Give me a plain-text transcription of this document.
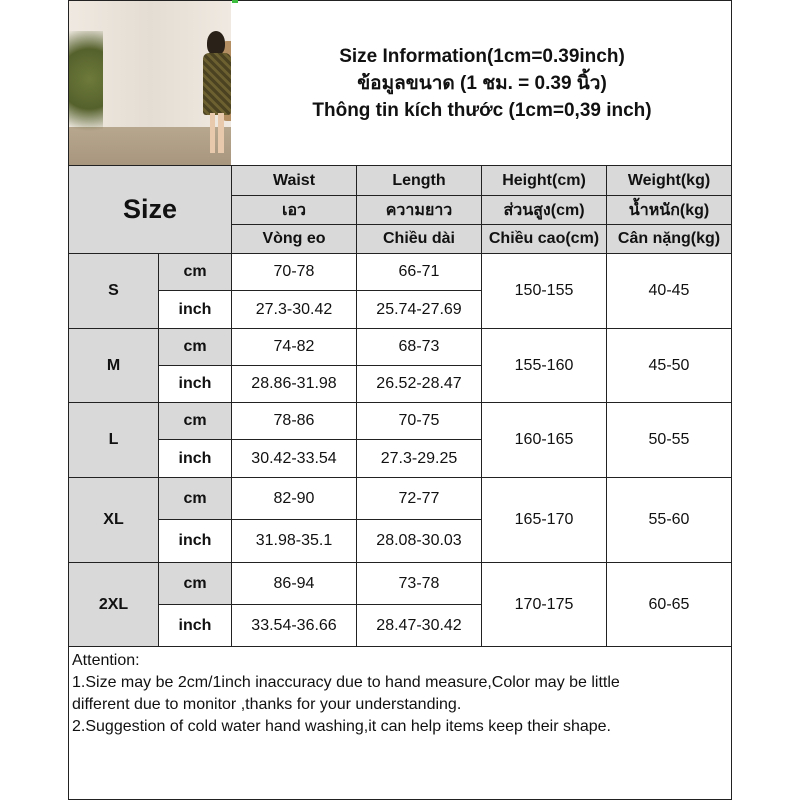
Size Information(1cm=0.39inch)
ข้อมูลขนาด (1 ชม. = 0.39 นิ้ว)
Thông tin kích thước (1cm=0,39 inch)
Size
Waist	Length	Height(cm)	Weight(kg)
เอว	ความยาว	ส่วนสูง(cm)	น้ำหนัก(kg)
Vòng eo	Chiều dài	Chiều cao(cm)	Cân nặng(kg)
S
cm	70-78	66-71
inch	27.3-30.42	25.74-27.69
150-155	40-45
M
cm	74-82	68-73
inch	28.86-31.98	26.52-28.47
155-160	45-50
L
cm	78-86	70-75
inch	30.42-33.54	27.3-29.25
160-165	50-55
XL
cm	82-90	72-77
inch	31.98-35.1	28.08-30.03
165-170	55-60
2XL
cm	86-94	73-78
inch	33.54-36.66	28.47-30.42
170-175	60-65
Attention:
1.Size may be 2cm/1inch inaccuracy due to hand measure,Color may be little
different due to monitor ,thanks for your understanding.
2.Suggestion of cold water hand washing,it can help items keep their shape.
